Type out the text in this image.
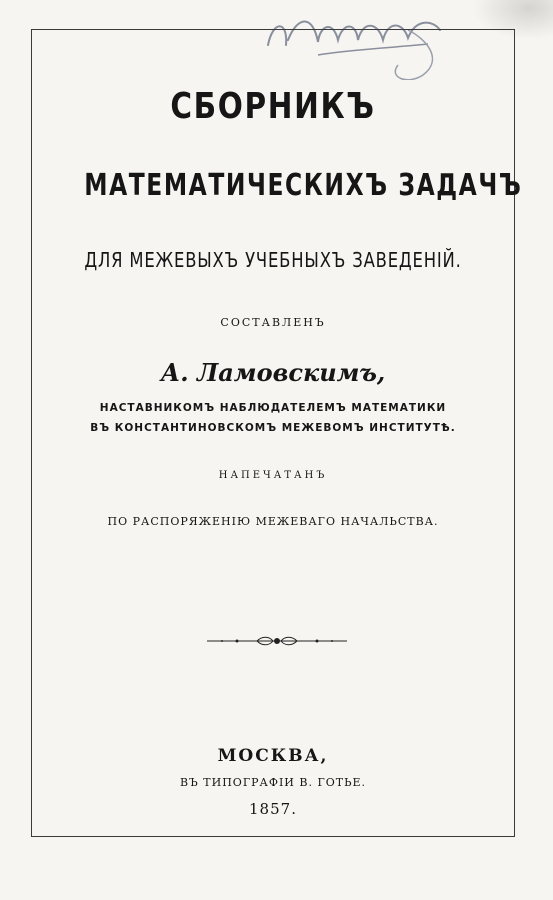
СБОРНИКЪ
МАТЕМАТИЧЕСКИХЪ ЗАДАЧЪ
ДЛЯ МЕЖЕВЫХЪ УЧЕБНЫХЪ ЗАВЕДЕНIЙ.
СОСТАВЛЕНЪ
А. Ламовскимъ,
НАСТАВНИКОМЪ НАБЛЮДАТЕЛЕМЪ МАТЕМАТИКИ
ВЪ КОНСТАНТИНОВСКОМЪ МЕЖЕВОМЪ ИНСТИТУТѢ.
НАПЕЧАТАНЪ
ПО РАСПОРЯЖЕНIЮ МЕЖЕВАГО НАЧАЛЬСТВА.
МОСКВА,
ВЪ ТИПОГРАФIИ В. ГОТЬЕ.
1857.
